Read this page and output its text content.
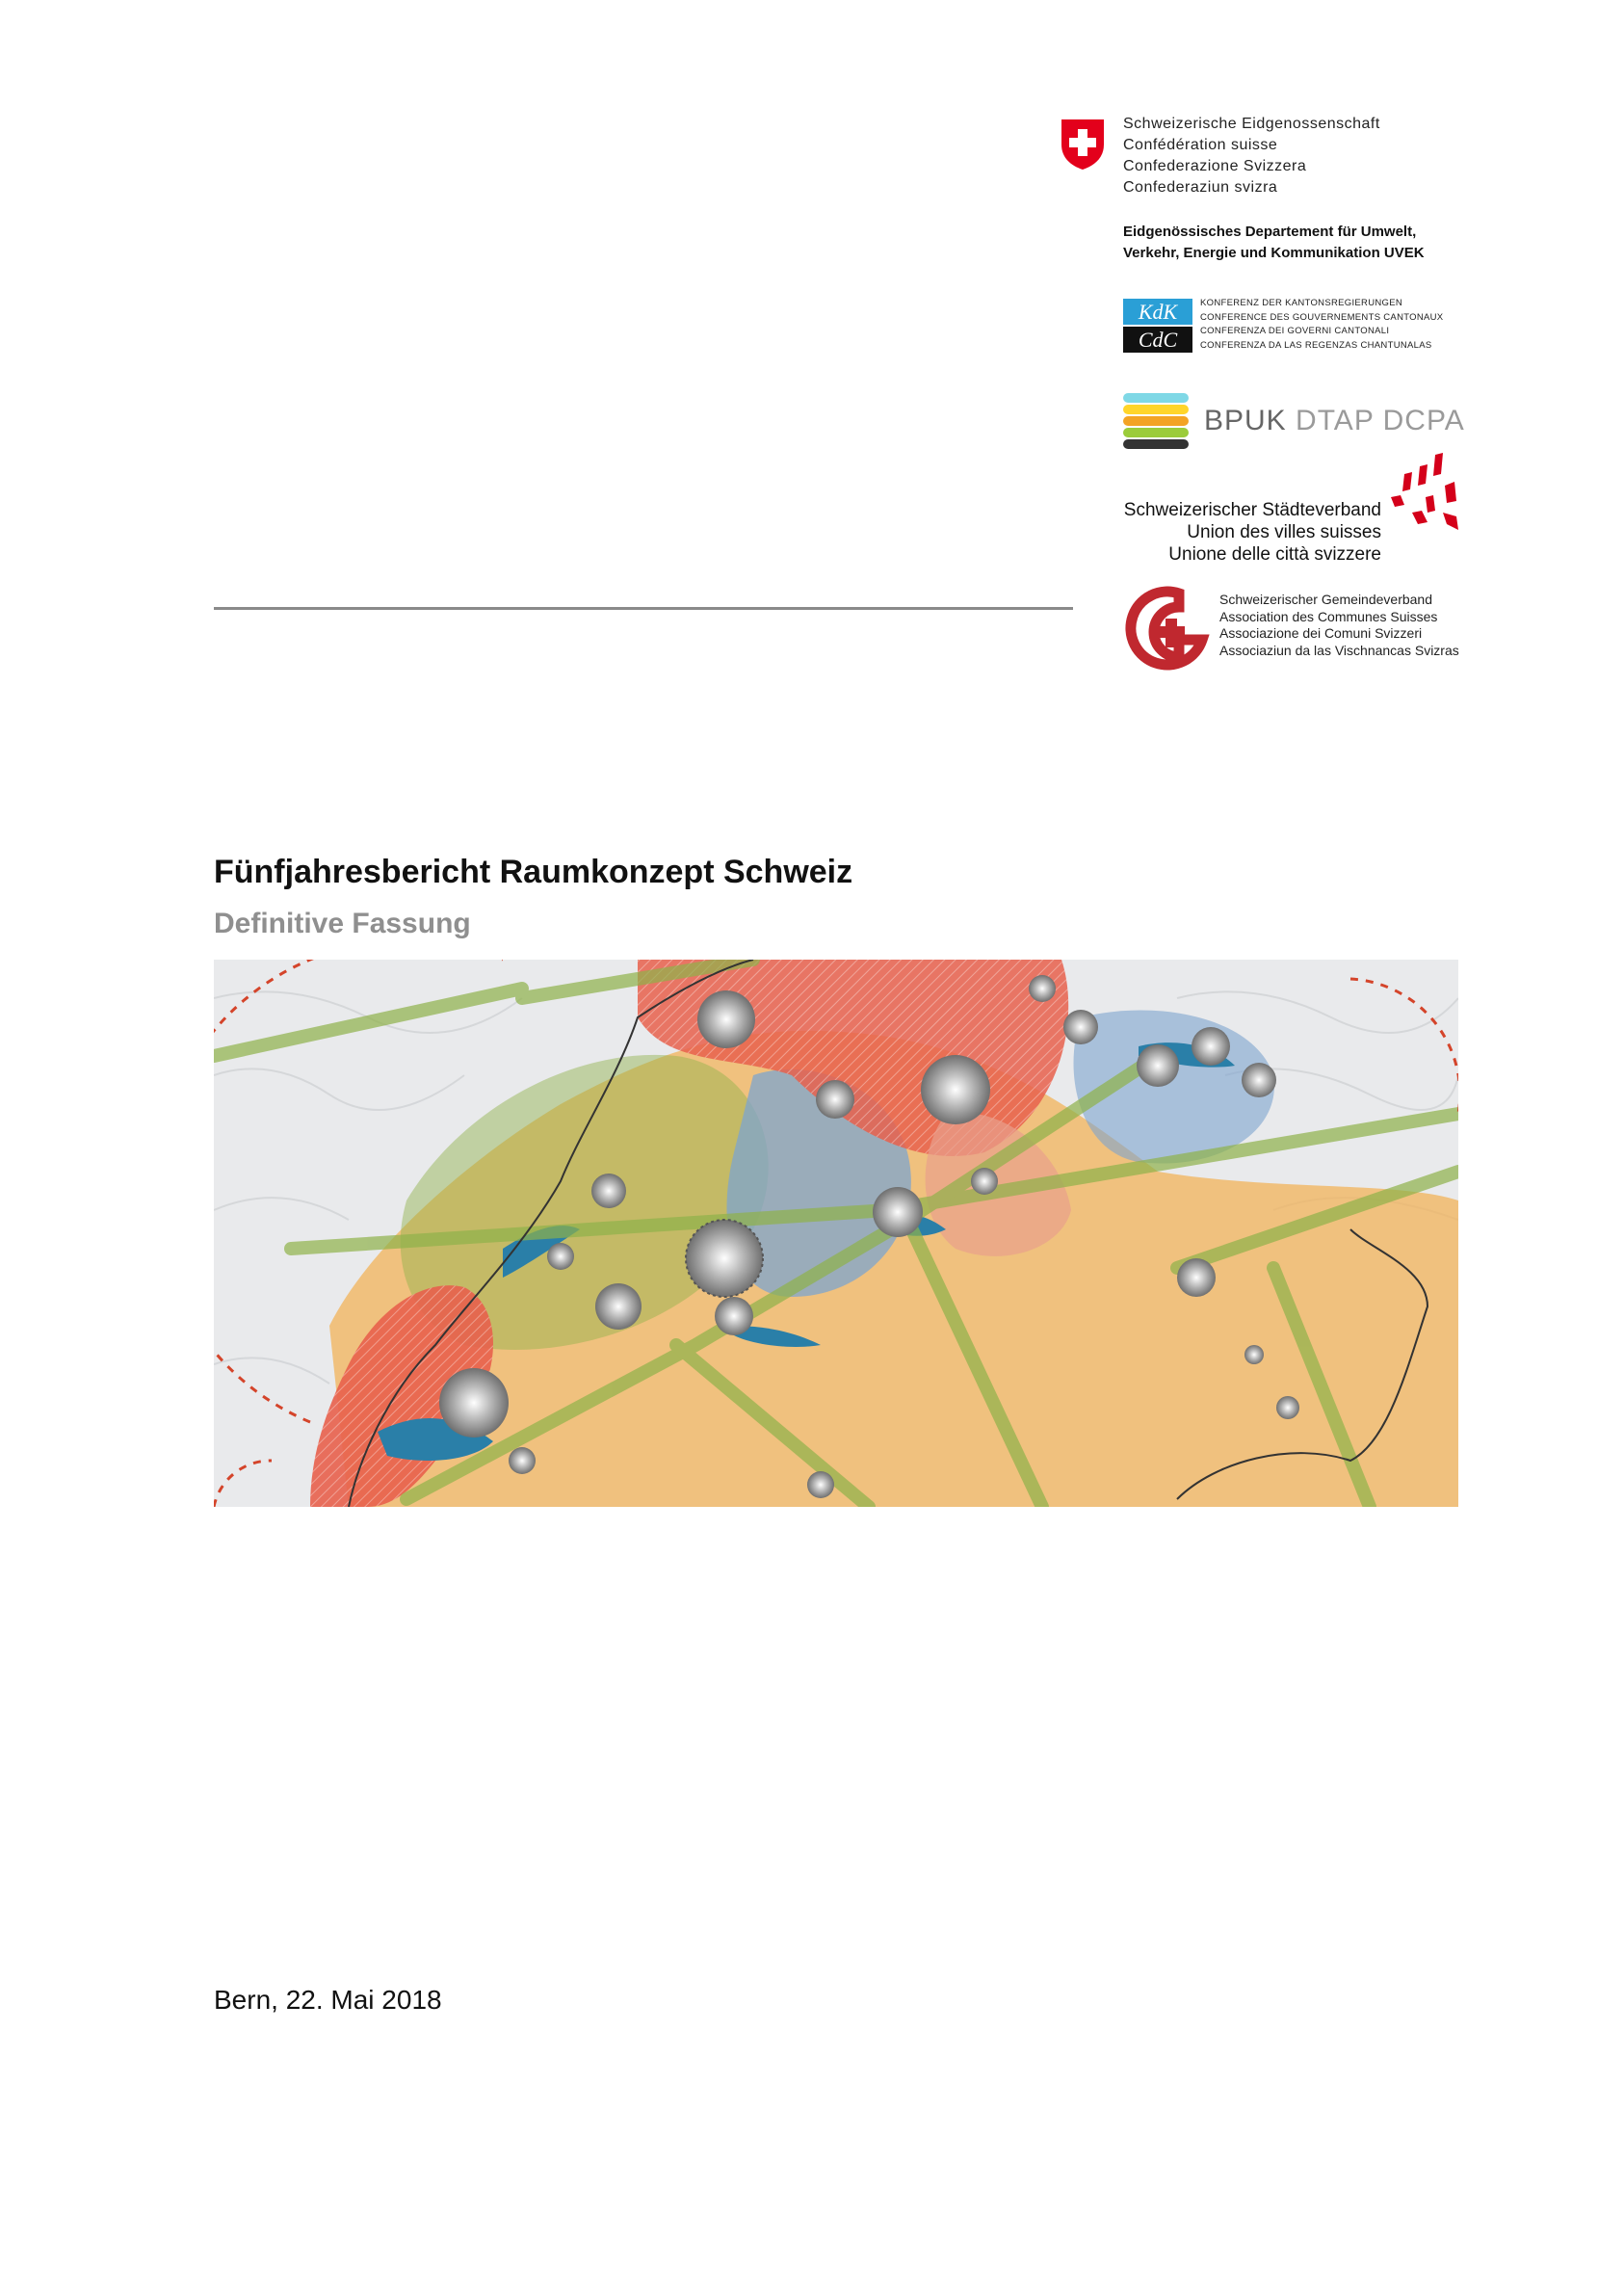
Schweizerische Eidgenossenschaft
Confédération suisse
Confederazione Svizzera
Confederaziun svizra
Eidgenössisches Departement für Umwelt,
Verkehr, Energie und Kommunikation UVEK
KdK
CdC
KONFERENZ DER KANTONSREGIERUNGEN
CONFERENCE DES GOUVERNEMENTS CANTONAUX
CONFERENZA DEI GOVERNI CANTONALI
CONFERENZA DA LAS REGENZAS CHANTUNALAS
BPUK DTAP DCPA
Schweizerischer Städteverband
Union des villes suisses
Unione delle città svizzere
Schweizerischer Gemeindeverband
Association des Communes Suisses
Associazione dei Comuni Svizzeri
Associaziun da las Vischnancas Svizras
Fünfjahresbericht Raumkonzept Schweiz
Definitive Fassung
Bern, 22. Mai 2018
